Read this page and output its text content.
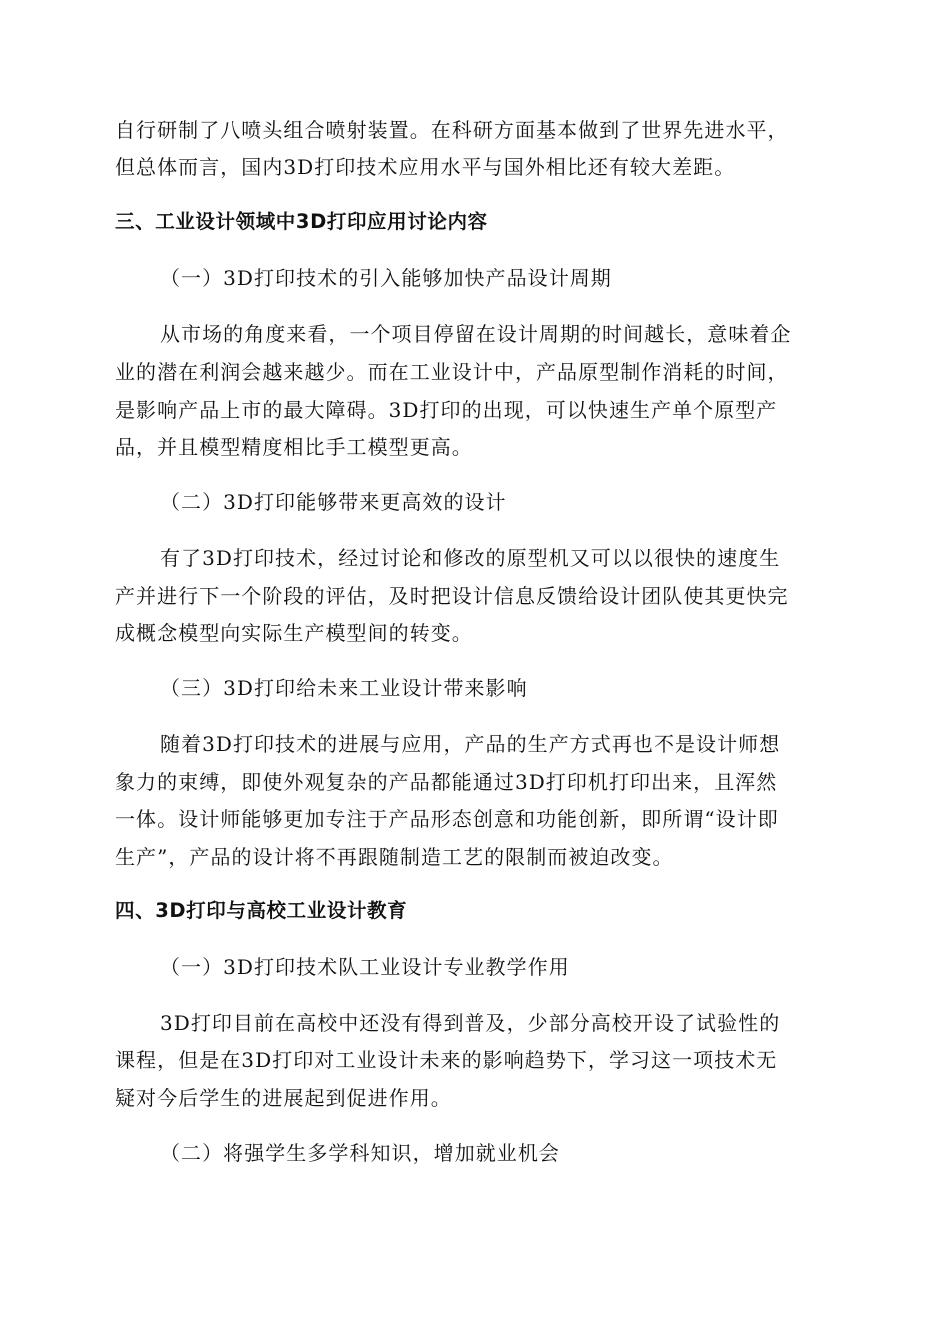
自行研制了八喷头组合喷射装置。在科研方面基本做到了世界先进水平，
但总体而言，国内3D打印技术应用水平与国外相比还有较大差距。
三、工业设计领域中3D打印应用讨论内容
（一）3D打印技术的引入能够加快产品设计周期
从市场的角度来看，一个项目停留在设计周期的时间越长，意味着企
业的潜在利润会越来越少。而在工业设计中，产品原型制作消耗的时间，
是影响产品上市的最大障碍。3D打印的出现，可以快速生产单个原型产
品，并且模型精度相比手工模型更高。
（二）3D打印能够带来更高效的设计
有了3D打印技术，经过讨论和修改的原型机又可以以很快的速度生
产并进行下一个阶段的评估，及时把设计信息反馈给设计团队使其更快完
成概念模型向实际生产模型间的转变。
（三）3D打印给未来工业设计带来影响
随着3D打印技术的进展与应用，产品的生产方式再也不是设计师想
象力的束缚，即使外观复杂的产品都能通过3D打印机打印出来，且浑然
一体。设计师能够更加专注于产品形态创意和功能创新，即所谓“设计即
生产”，产品的设计将不再跟随制造工艺的限制而被迫改变。
四、3D打印与高校工业设计教育
（一）3D打印技术队工业设计专业教学作用
3D打印目前在高校中还没有得到普及，少部分高校开设了试验性的
课程，但是在3D打印对工业设计未来的影响趋势下，学习这一项技术无
疑对今后学生的进展起到促进作用。
（二）将强学生多学科知识，增加就业机会
